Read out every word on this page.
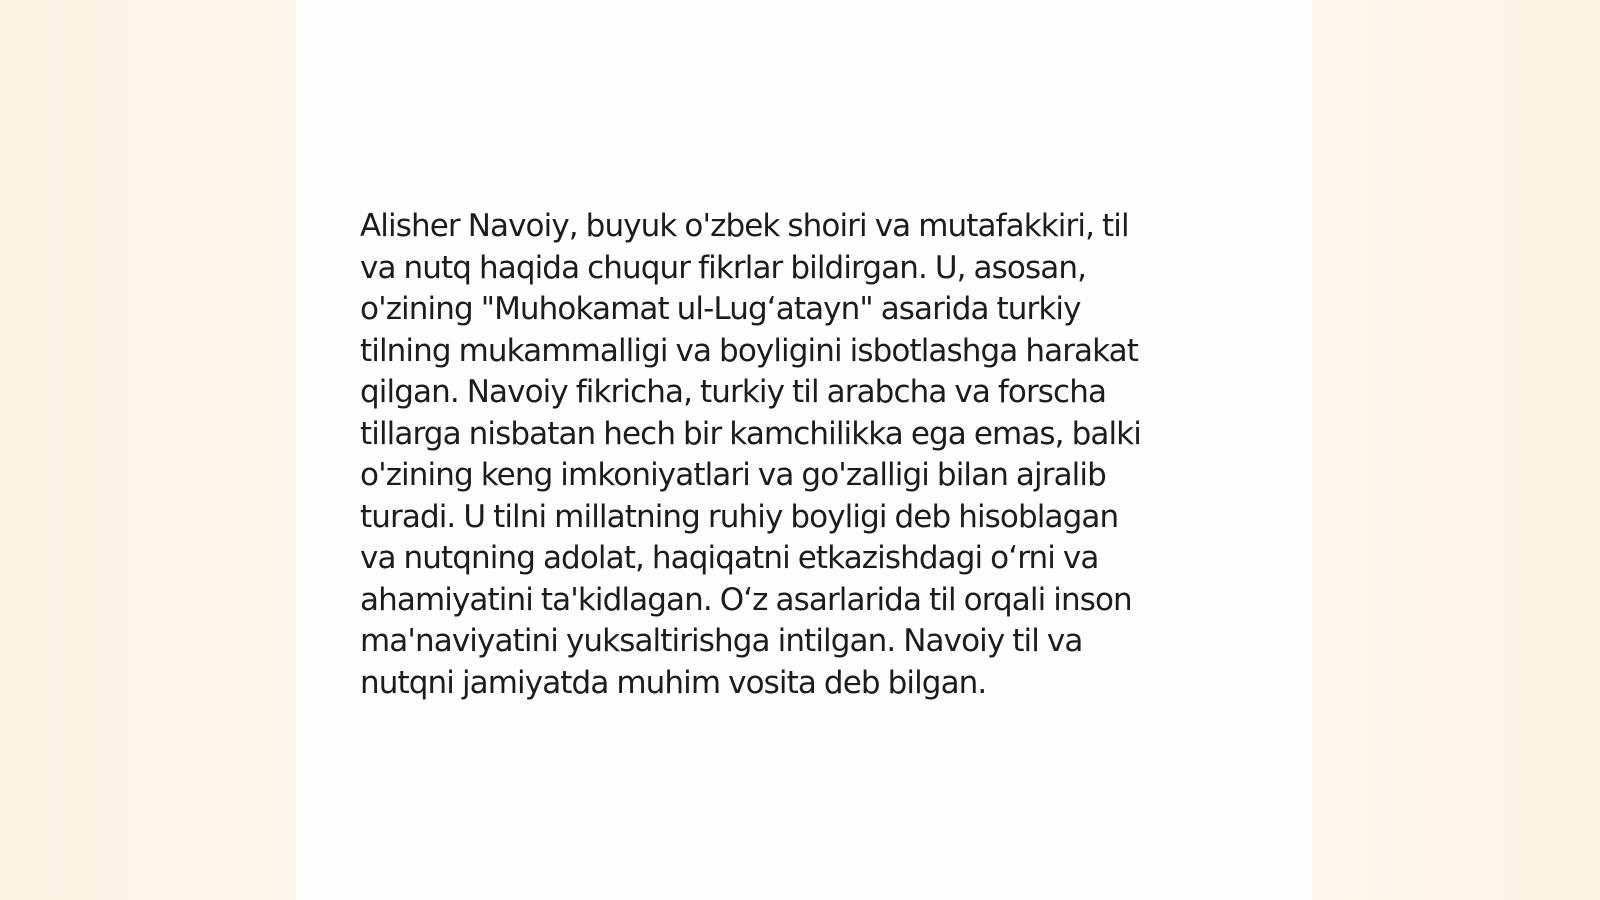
Alisher Navoiy, buyuk o'zbek shoiri va mutafakkiri, til
va nutq haqida chuqur fikrlar bildirgan. U, asosan,
o'zining "Muhokamat ul-Lug‘atayn" asarida turkiy
tilning mukammalligi va boyligini isbotlashga harakat
qilgan. Navoiy fikricha, turkiy til arabcha va forscha
tillarga nisbatan hech bir kamchilikka ega emas, balki
o'zining keng imkoniyatlari va go'zalligi bilan ajralib
turadi. U tilni millatning ruhiy boyligi deb hisoblagan
va nutqning adolat, haqiqatni etkazishdagi o‘rni va
ahamiyatini ta'kidlagan. O‘z asarlarida til orqali inson
ma'naviyatini yuksaltirishga intilgan. Navoiy til va
nutqni jamiyatda muhim vosita deb bilgan.
